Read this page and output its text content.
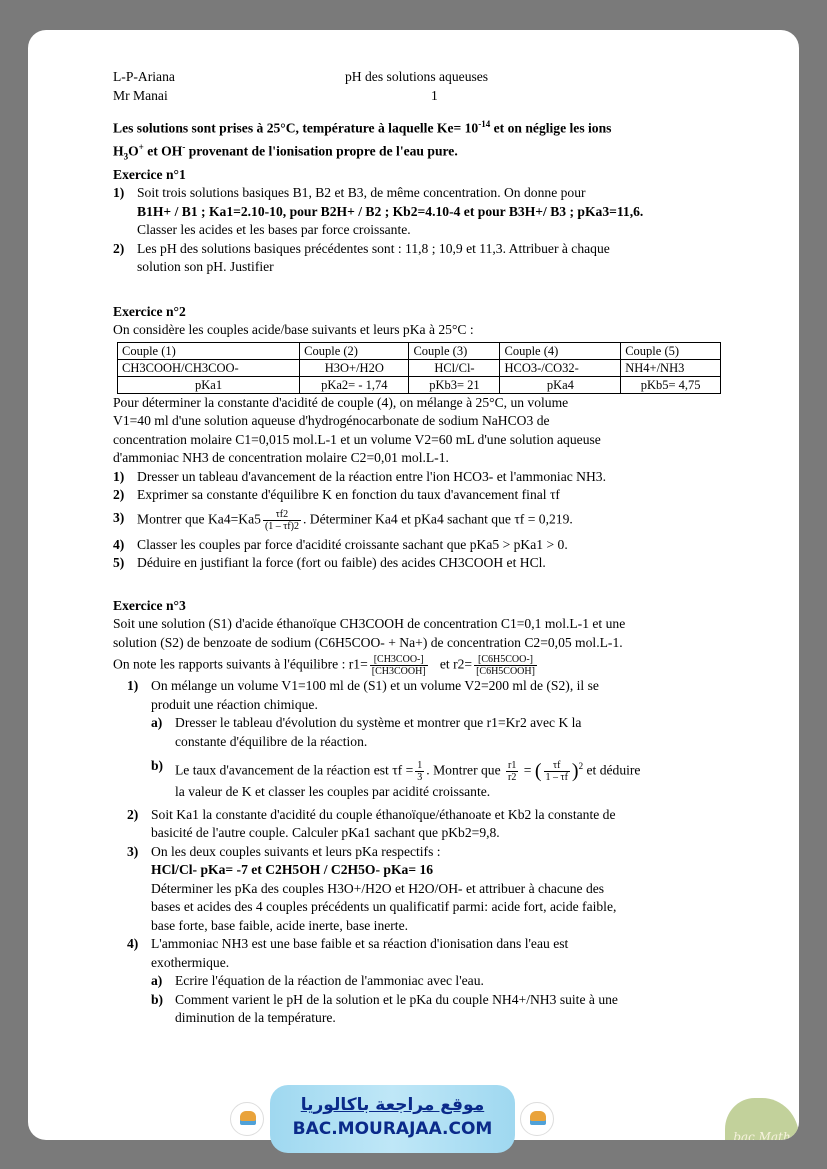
L-P-Ariana	pH des solutions aqueuses
Mr Manai	1
Les solutions sont prises à 25°C, température à laquelle $Ke= 10^{-14}$ et on néglige les ions
$H_3O^+$ et OH- provenant de l'ionisation propre de l'eau pure.
Exercice n°1
1) Soit trois solutions basiques B1, B2 et B3, de même concentration. On donne pour
B1H+ / B1 ; Ka1=2.10-10, pour B2H+ / B2 ; Kb2=4.10-4 et pour B3H+/ B3 ; pKa3=11,6.
Classer les acides et les bases par force croissante.
2) Les pH des solutions basiques précédentes sont : 11,8 ; 10,9 et 11,3. Attribuer à chaque
solution son pH. Justifier
Exercice n°2
On considère les couples acide/base suivants et leurs pKa à 25°C :
Couple (1)	Couple (2)	Couple (3)	Couple (4)	Couple (5)
CH3COOH/CH3COO-	H3O+/H2O	HCl/Cl-	HCO3-/CO32-	NH4+/NH3
pKa1	pKa2= - 1,74	pKb3= 21	pKa4	pKb5= 4,75
Pour déterminer la constante d'acidité de couple (4), on mélange à 25°C, un volume
V1=40 ml d'une solution aqueuse d'hydrogénocarbonate de sodium NaHCO3 de
concentration molaire C1=0,015 mol.L-1 et un volume V2=60 mL d'une solution aqueuse
d'ammoniac NH3 de concentration molaire C2=0,01 mol.L-1.
1) Dresser un tableau d'avancement de la réaction entre l'ion HCO3- et l'ammoniac NH3.
2) Exprimer sa constante d'équilibre K en fonction du taux d'avancement final τf
3) Montrer que $Ka4=Ka5 \frac{\tau f2}{(1 - \tau f)2}$ . Déterminer Ka4 et pKa4 sachant que τf = 0,219.
4) Classer les couples par force d'acidité croissante sachant que pKa5 > pKa1 > 0.
5) Déduire en justifiant la force (fort ou faible) des acides CH3COOH et HCl.
Exercice n°3
Soit une solution (S1) d'acide éthanoïque CH3COOH de concentration C1=0,1 mol.L-1 et une
solution (S2) de benzoate de sodium (C6H5COO- + Na+) de concentration C2=0,05 mol.L-1.
On note les rapports suivants à l'équilibre : $r1= \frac{\text{[CH3COO-]}}{\text{[CH3COOH]}}$ et $r2= \frac{\text{[C6H5COO-]}}{\text{[C6H5COOH]}}$
1) On mélange un volume V1=100 ml de (S1) et un volume V2=200 ml de (S2), il se
produit une réaction chimique.
a) Dresser le tableau d'évolution du système et montrer que r1=Kr2 avec K la
constante d'équilibre de la réaction.
b) Le taux d'avancement de la réaction est $\tau f = \frac{1}{3}$ . Montrer que $\frac{r1}{r2}$ = ( $\frac{\tau f}{1 - \tau f} )^2$ et déduire
la valeur de K et classer les couples par acidité croissante.
2) Soit Ka1 la constante d'acidité du couple éthanoïque/éthanoate et Kb2 la constante de
basicité de l'autre couple. Calculer pKa1 sachant que pKb2=9,8.
3) On les deux couples suivants et leurs pKa respectifs :
HCl/Cl- pKa= -7 et C2H5OH / C2H5O- pKa= 16
Déterminer les pKa des couples H3O+/H2O et H2O/OH- et attribuer à chacune des
bases et acides des 4 couples précédents un qualificatif parmi: acide fort, acide faible,
base forte, base faible, acide inerte, base inerte.
4) L'ammoniac NH3 est une base faible et sa réaction d'ionisation dans l'eau est
exothermique.
a) Ecrire l'équation de la réaction de l'ammoniac avec l'eau.
b) Comment varient le pH de la solution et le pKa du couple NH4+/NH3 suite à une
diminution de la température.
bac Math
موقع مراجعة باكالوريا
BAC.MOURAJAA.COM
